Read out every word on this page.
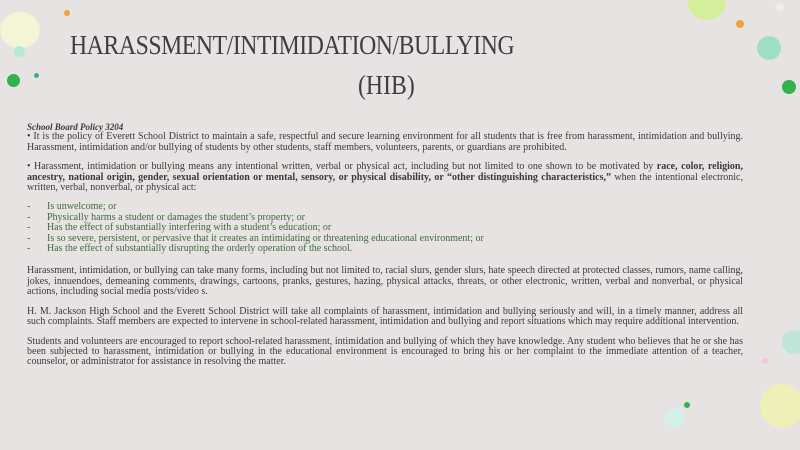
HARASSMENT/INTIMIDATION/BULLYING
(HIB)
School Board Policy 3204

• It is the policy of Everett School District to maintain a safe, respectful and secure learning environment for all students that is free from harassment, intimidation and bullying. Harassment, intimidation and/or bullying of students by other students, staff members, volunteers, parents, or guardians are prohibited.

• Harassment, intimidation or bullying means any intentional written, verbal or physical act, including but not limited to one shown to be motivated by race, color, religion, ancestry, national origin, gender, sexual orientation or mental, sensory, or physical disability, or “other distinguishing characteristics,” when the intentional electronic, written, verbal, nonverbal, or physical act:

- Is unwelcome; or
- Physically harms a student or damages the student’s property; or
- Has the effect of substantially interfering with a student’s education; or
- Is so severe, persistent, or pervasive that it creates an intimidating or threatening educational environment; or
- Has the effect of substantially disrupting the orderly operation of the school.

Harassment, intimidation, or bullying can take many forms, including but not limited to, racial slurs, gender slurs, hate speech directed at protected classes, rumors, name calling, jokes, innuendoes, demeaning comments, drawings, cartoons, pranks, gestures, hazing, physical attacks, threats, or other electronic, written, verbal and nonverbal, or physical actions, including social media posts/video s.

H. M. Jackson High School and the Everett School District will take all complaints of harassment, intimidation and bullying seriously and will, in a timely manner, address all such complaints. Staff members are expected to intervene in school-related harassment, intimidation and bullying and report situations which may require additional intervention.

Students and volunteers are encouraged to report school-related harassment, intimidation and bullying of which they have knowledge. Any student who believes that he or she has been subjected to harassment, intimidation or bullying in the educational environment is encouraged to bring his or her complaint to the immediate attention of a teacher, counselor, or administrator for assistance in resolving the matter.
